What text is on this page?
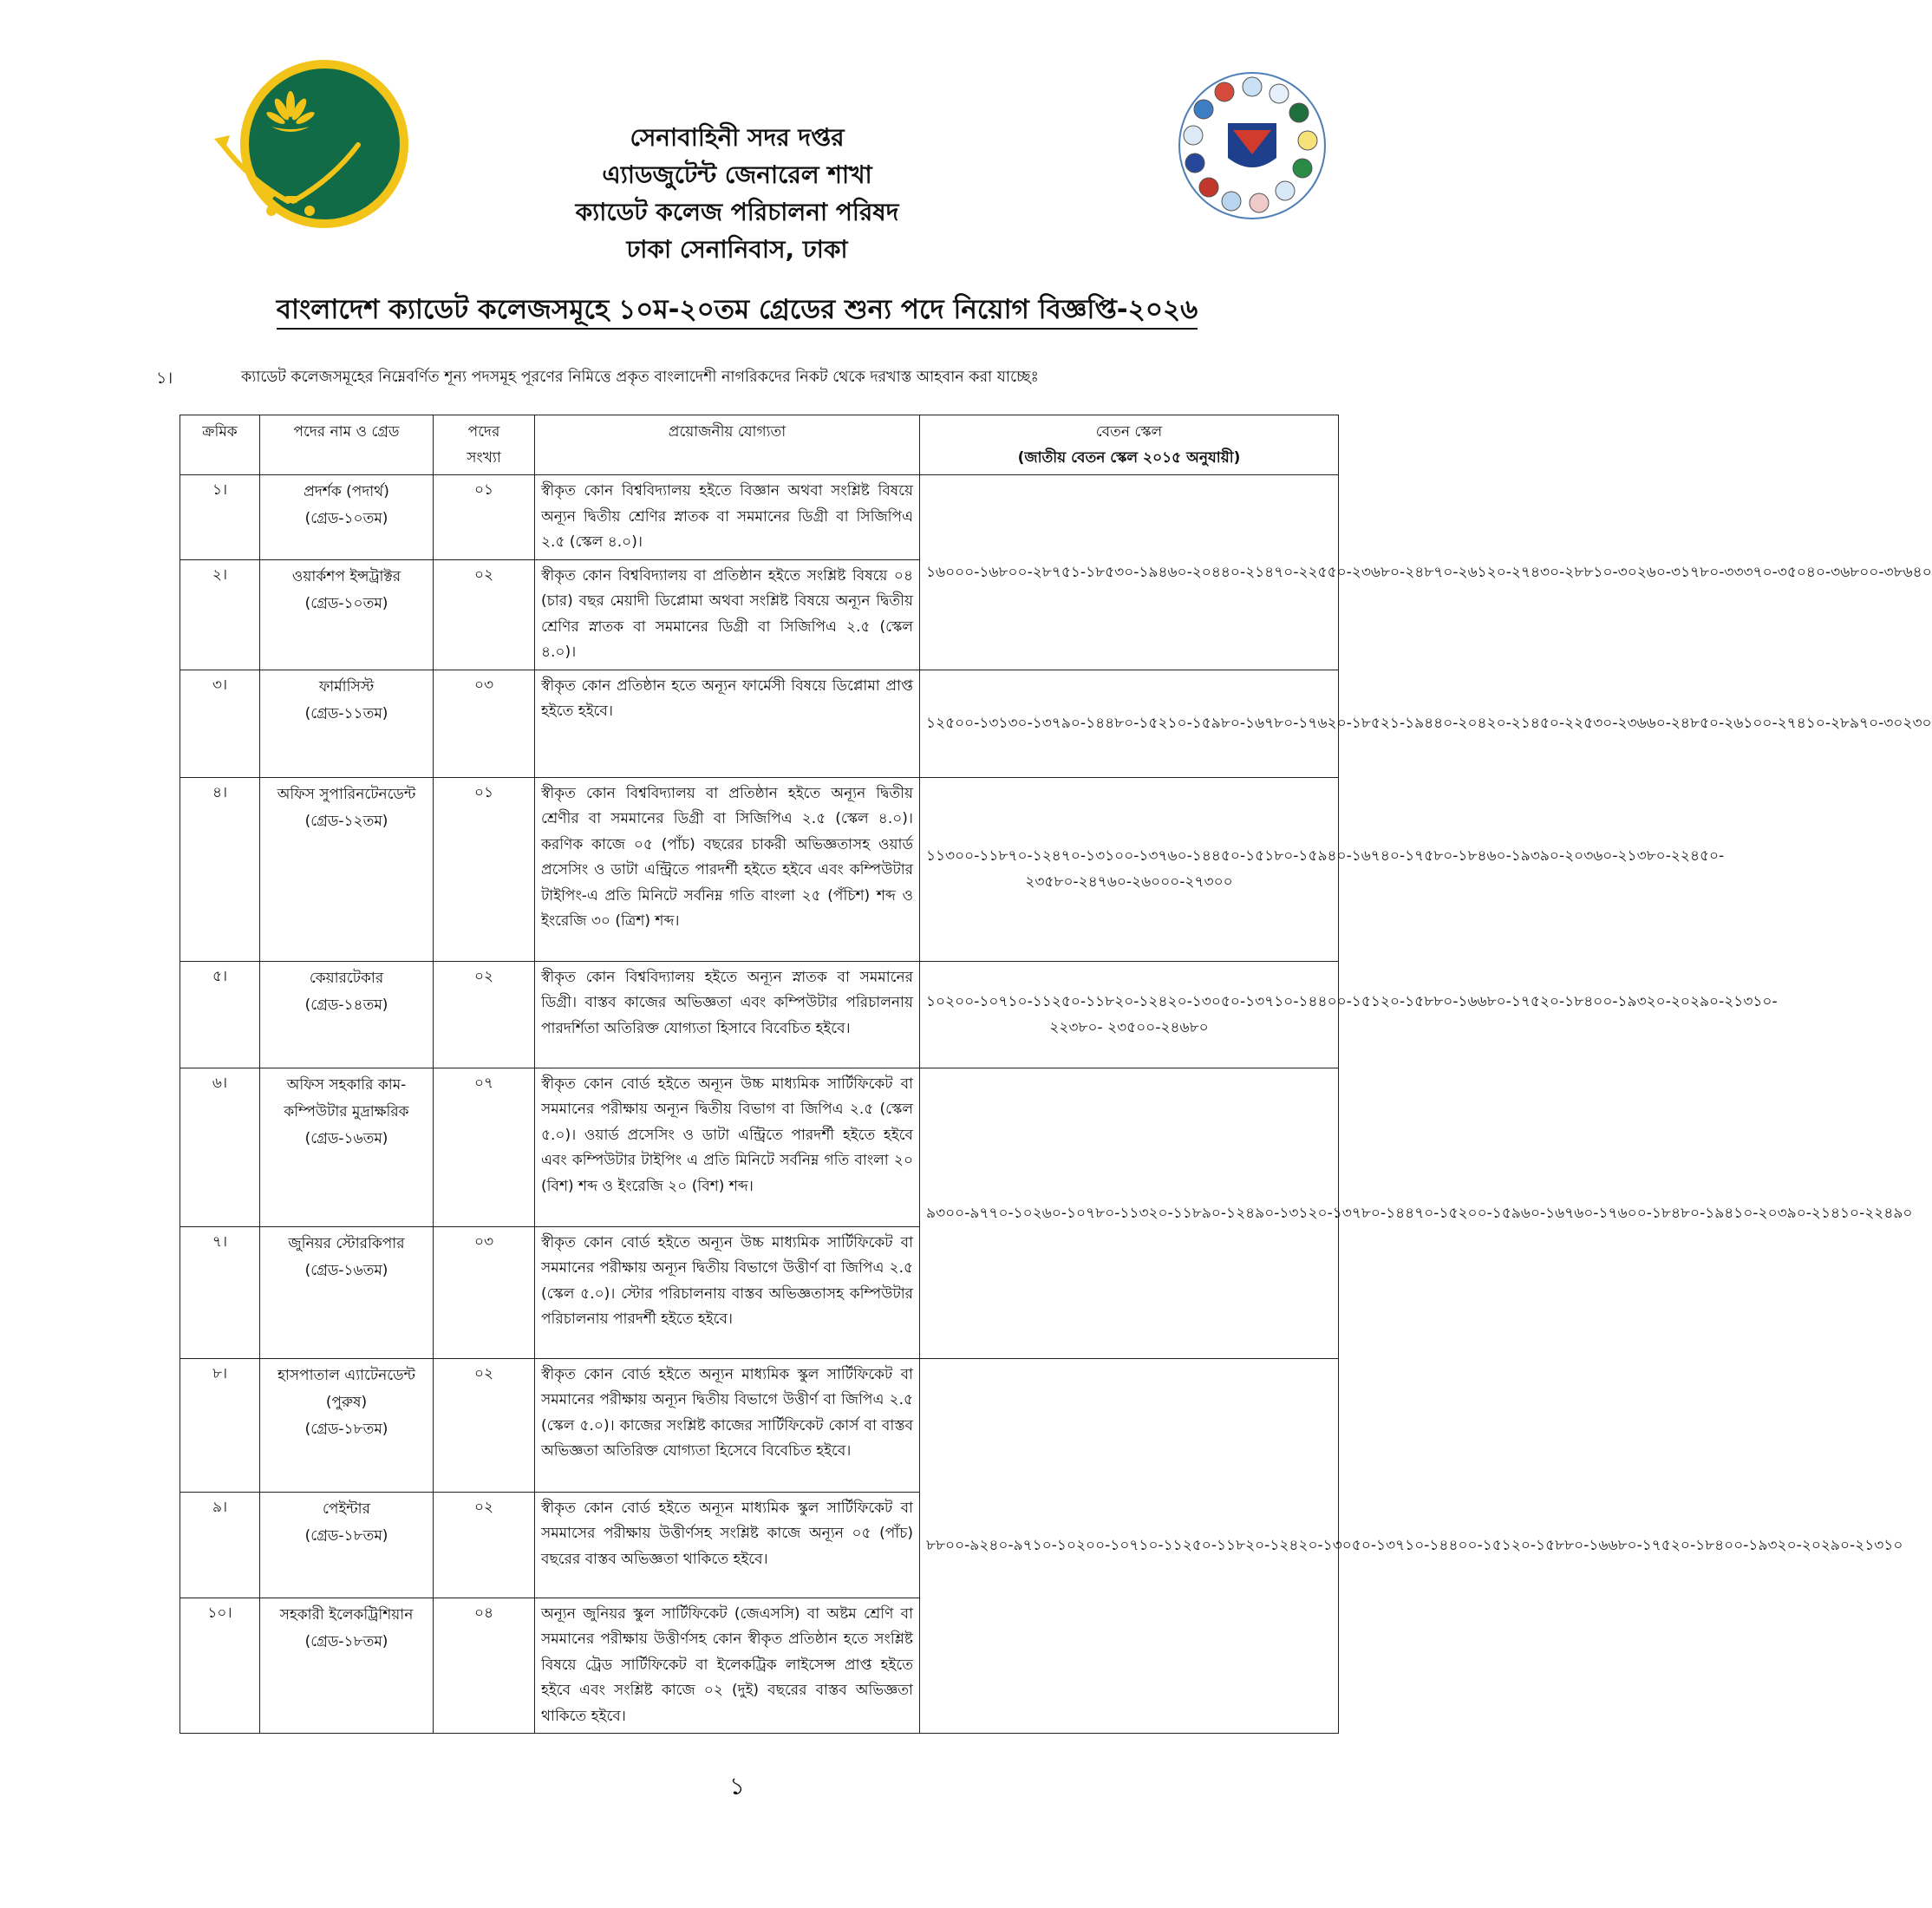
সেনাবাহিনী সদর দপ্তর
এ্যাডজুটেন্ট জেনারেল শাখা
ক্যাডেট কলেজ পরিচালনা পরিষদ
ঢাকা সেনানিবাস, ঢাকা
বাংলাদেশ ক্যাডেট কলেজসমূহে ১০ম-২০তম গ্রেডের শুন্য পদে নিয়োগ বিজ্ঞপ্তি-২০২৬
১।	ক্যাডেট কলেজসমূহের নিম্নেবর্ণিত শূন্য পদসমূহ পূরণের নিমিত্তে প্রকৃত বাংলাদেশী নাগরিকদের নিকট থেকে দরখাস্ত আহবান করা যাচ্ছেঃ
ক্রমিক	পদের নাম ও গ্রেড	পদের সংখ্যা	প্রয়োজনীয় যোগ্যতা	বেতন স্কেল
(জাতীয় বেতন স্কেল ২০১৫ অনুযায়ী)

১।	প্রদর্শক (পদার্থ)
(গ্রেড-১০তম)	০১	স্বীকৃত কোন বিশ্ববিদ্যালয় হইতে বিজ্ঞান অথবা সংশ্লিষ্ট বিষয়ে অন্যূন দ্বিতীয় শ্রেণির স্নাতক বা সমমানের ডিগ্রী বা সিজিপিএ ২.৫ (স্কেল ৪.০)।	১৬০০০-১৬৮০০-২৮৭৫১-১৮৫৩০-১৯৪৬০-২০৪৪০-২১৪৭০-২২৫৫০-২৩৬৮০-২৪৮৭০-২৬১২০-২৭৪৩০-২৮৮১০-৩০২৬০-৩১৭৮০-৩৩৩৭০-৩৫০৪০-৩৬৮০০-৩৮৬৪০
২।	ওয়ার্কশপ ইন্সট্রাক্টর
(গ্রেড-১০তম)	০২	স্বীকৃত কোন বিশ্ববিদ্যালয় বা প্রতিষ্ঠান হইতে সংশ্লিষ্ট বিষয়ে ০৪ (চার) বছর মেয়াদী ডিপ্লোমা অথবা সংশ্লিষ্ট বিষয়ে অন্যূন দ্বিতীয় শ্রেণির স্নাতক বা সমমানের ডিগ্রী বা সিজিপিএ ২.৫ (স্কেল ৪.০)।	
৩।	ফার্মাসিস্ট
(গ্রেড-১১তম)	০৩	স্বীকৃত কোন প্রতিষ্ঠান হতে অন্যূন ফার্মেসী বিষয়ে ডিপ্লোমা প্রাপ্ত হইতে হইবে।	১২৫০০-১৩১৩০-১৩৭৯০-১৪৪৮০-১৫২১০-১৫৯৮০-১৬৭৮০-১৭৬২০-১৮৫২১-১৯৪৪০-২০৪২০-২১৪৫০-২২৫৩০-২৩৬৬০-২৪৮৫০-২৬১০০-২৭৪১০-২৮৯৭০-৩০২৩০
৪।	অফিস সুপারিনটেনডেন্ট
(গ্রেড-১২তম)	০১	স্বীকৃত কোন বিশ্ববিদ্যালয় বা প্রতিষ্ঠান হইতে অন্যূন দ্বিতীয় শ্রেণীর বা সমমানের ডিগ্রী বা সিজিপিএ ২.৫ (স্কেল ৪.০)। করণিক কাজে ০৫ (পাঁচ) বছরের চাকরী অভিজ্ঞতাসহ ওয়ার্ড প্রসেসিং ও ডাটা এন্ট্রিতে পারদর্শী হইতে হইবে এবং কম্পিউটার টাইপিং-এ প্রতি মিনিটে সর্বনিম্ন গতি বাংলা ২৫ (পঁচিশ) শব্দ ও ইংরেজি ৩০ (ত্রিশ) শব্দ।	১১৩০০-১১৮৭০-১২৪৭০-১৩১০০-১৩৭৬০-১৪৪৫০-১৫১৮০-১৫৯৪০-১৬৭৪০-১৭৫৮০-১৮৪৬০-১৯৩৯০-২০৩৬০-২১৩৮০-২২৪৫০- ২৩৫৮০-২৪৭৬০-২৬০০০-২৭৩০০
৫।	কেয়ারটেকার
(গ্রেড-১৪তম)	০২	স্বীকৃত কোন বিশ্ববিদ্যালয় হইতে অন্যূন স্নাতক বা সমমানের ডিগ্রী। বাস্তব কাজের অভিজ্ঞতা এবং কম্পিউটার পরিচালনায় পারদর্শিতা অতিরিক্ত যোগ্যতা হিসাবে বিবেচিত হইবে।	১০২০০-১০৭১০-১১২৫০-১১৮২০-১২৪২০-১৩০৫০-১৩৭১০-১৪৪০০-১৫১২০-১৫৮৮০-১৬৬৮০-১৭৫২০-১৮৪০০-১৯৩২০-২০২৯০-২১৩১০- ২২৩৮০- ২৩৫০০-২৪৬৮০
৬।	অফিস সহকারি কাম-কম্পিউটার মুদ্রাক্ষরিক
(গ্রেড-১৬তম)	০৭	স্বীকৃত কোন বোর্ড হইতে অন্যূন উচ্চ মাধ্যমিক সার্টিফিকেট বা সমমানের পরীক্ষায় অন্যূন দ্বিতীয় বিভাগ বা জিপিএ ২.৫ (স্কেল ৫.০)। ওয়ার্ড প্রসেসিং ও ডাটা এন্ট্রিতে পারদর্শী হইতে হইবে এবং কম্পিউটার টাইপিং এ প্রতি মিনিটে সর্বনিম্ন গতি বাংলা ২০ (বিশ) শব্দ ও ইংরেজি ২০ (বিশ) শব্দ।	৯৩০০-৯৭৭০-১০২৬০-১০৭৮০-১১৩২০-১১৮৯০-১২৪৯০-১৩১২০-১৩৭৮০-১৪৪৭০-১৫২০০-১৫৯৬০-১৬৭৬০-১৭৬০০-১৮৪৮০-১৯৪১০-২০৩৯০-২১৪১০-২২৪৯০
৭।	জুনিয়র স্টোরকিপার
(গ্রেড-১৬তম)	০৩	স্বীকৃত কোন বোর্ড হইতে অন্যূন উচ্চ মাধ্যমিক সার্টিফিকেট বা সমমানের পরীক্ষায় অন্যূন দ্বিতীয় বিভাগে উত্তীর্ণ বা জিপিএ ২.৫ (স্কেল ৫.০)। স্টোর পরিচালনায় বাস্তব অভিজ্ঞতাসহ কম্পিউটার পরিচালনায় পারদর্শী হইতে হইবে।	
৮।	হাসপাতাল এ্যাটেনডেন্ট (পুরুষ)
(গ্রেড-১৮তম)	০২	স্বীকৃত কোন বোর্ড হইতে অন্যূন মাধ্যমিক স্কুল সার্টিফিকেট বা সমমানের পরীক্ষায় অন্যূন দ্বিতীয় বিভাগে উত্তীর্ণ বা জিপিএ ২.৫ (স্কেল ৫.০)। কাজের সংশ্লিষ্ট কাজের সার্টিফিকেট কোর্স বা বাস্তব অভিজ্ঞতা অতিরিক্ত যোগ্যতা হিসেবে বিবেচিত হইবে।	৮৮০০-৯২৪০-৯৭১০-১০২০০-১০৭১০-১১২৫০-১১৮২০-১২৪২০-১৩০৫০-১৩৭১০-১৪৪০০-১৫১২০-১৫৮৮০-১৬৬৮০-১৭৫২০-১৮৪০০-১৯৩২০-২০২৯০-২১৩১০
৯।	পেইন্টার
(গ্রেড-১৮তম)	০২	স্বীকৃত কোন বোর্ড হইতে অন্যূন মাধ্যমিক স্কুল সার্টিফিকেট বা সমমাসের পরীক্ষায় উত্তীর্ণসহ সংশ্লিষ্ট কাজে অন্যূন ০৫ (পাঁচ) বছরের বাস্তব অভিজ্ঞতা থাকিতে হইবে।	
১০।	সহকারী ইলেকট্রিশিয়ান
(গ্রেড-১৮তম)	০৪	অন্যূন জুনিয়র স্কুল সার্টিফিকেট (জেএসসি) বা অষ্টম শ্রেণি বা সমমানের পরীক্ষায় উত্তীর্ণসহ কোন স্বীকৃত প্রতিষ্ঠান হতে সংশ্লিষ্ট বিষয়ে ট্রেড সার্টিফিকেট বা ইলেকট্রিক লাইসেন্স প্রাপ্ত হইতে হইবে এবং সংশ্লিষ্ট কাজে ০২ (দুই) বছরের বাস্তব অভিজ্ঞতা থাকিতে হইবে।	
১
